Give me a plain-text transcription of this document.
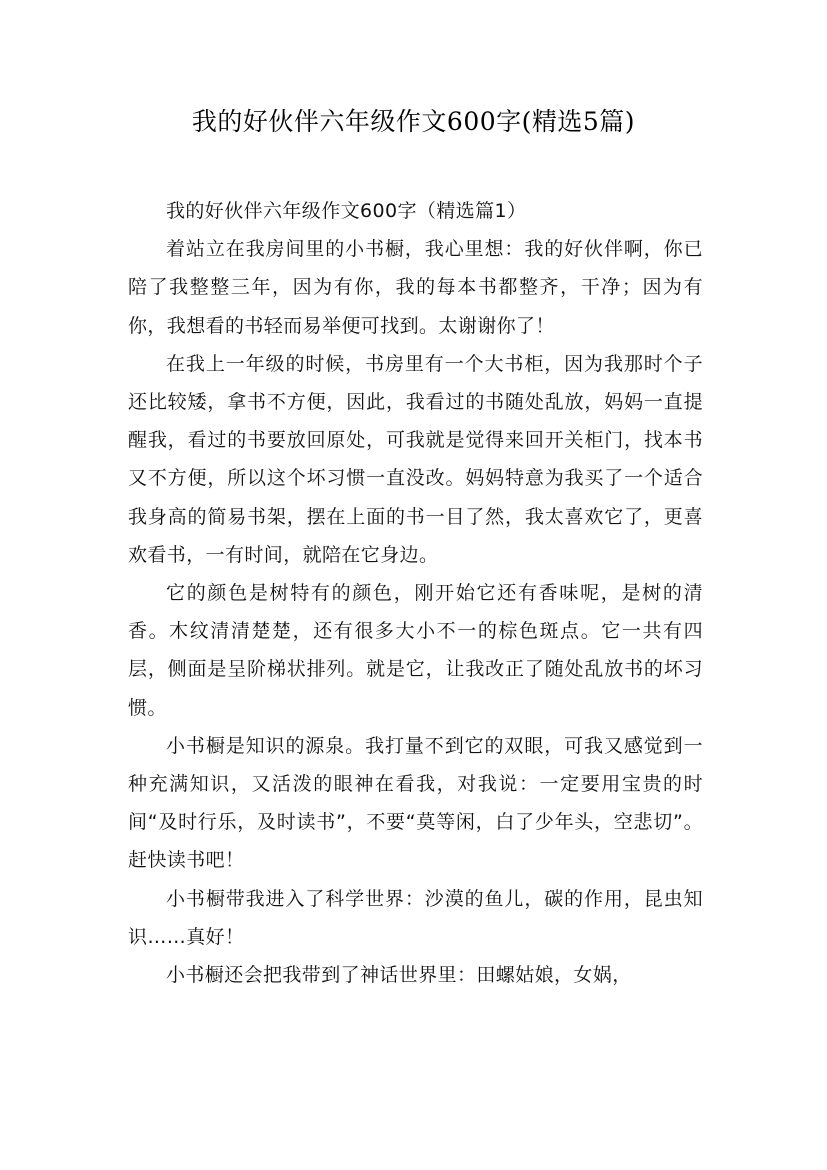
我的好伙伴六年级作文600字(精选5篇)

我的好伙伴六年级作文600字（精选篇1）

着站立在我房间里的小书橱，我心里想：我的好伙伴啊，你已陪了我整整三年，因为有你，我的每本书都整齐，干净；因为有你，我想看的书轻而易举便可找到。太谢谢你了！

在我上一年级的时候，书房里有一个大书柜，因为我那时个子还比较矮，拿书不方便，因此，我看过的书随处乱放，妈妈一直提醒我，看过的书要放回原处，可我就是觉得来回开关柜门，找本书又不方便，所以这个坏习惯一直没改。妈妈特意为我买了一个适合我身高的简易书架，摆在上面的书一目了然，我太喜欢它了，更喜欢看书，一有时间，就陪在它身边。

它的颜色是树特有的颜色，刚开始它还有香味呢，是树的清香。木纹清清楚楚，还有很多大小不一的棕色斑点。它一共有四层，侧面是呈阶梯状排列。就是它，让我改正了随处乱放书的坏习惯。

小书橱是知识的源泉。我打量不到它的双眼，可我又感觉到一种充满知识，又活泼的眼神在看我，对我说：一定要用宝贵的时间“及时行乐，及时读书”，不要“莫等闲，白了少年头，空悲切”。赶快读书吧！

小书橱带我进入了科学世界：沙漠的鱼儿，碳的作用，昆虫知识……真好！

小书橱还会把我带到了神话世界里：田螺姑娘，女娲，
